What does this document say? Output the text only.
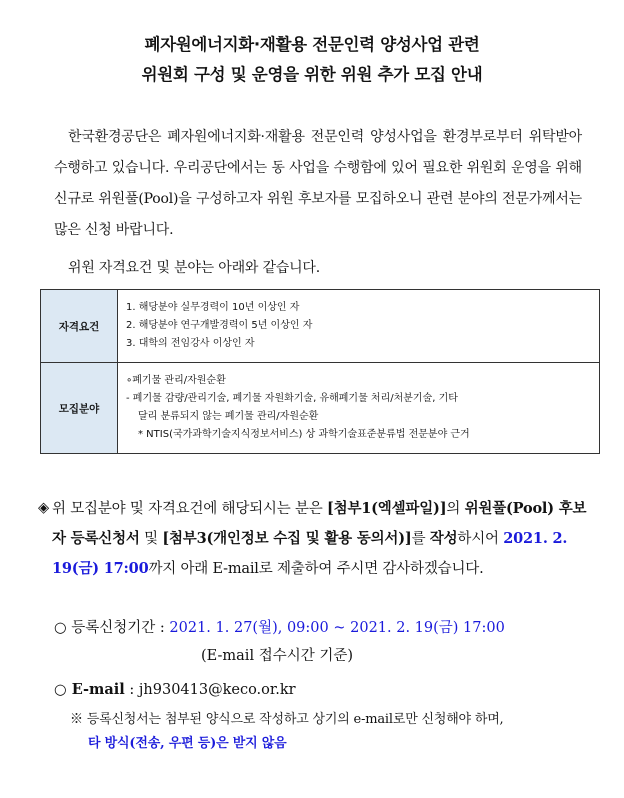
폐자원에너지화·재활용 전문인력 양성사업 관련
위원회 구성 및 운영을 위한 위원 추가 모집 안내
한국환경공단은 폐자원에너지화·재활용 전문인력 양성사업을 환경부로부터 위탁받아 수행하고 있습니다. 우리공단에서는 동 사업을 수행함에 있어 필요한 위원회 운영을 위해 신규로 위원풀(Pool)을 구성하고자 위원 후보자를 모집하오니 관련 분야의 전문가께서는 많은 신청 바랍니다.
위원 자격요건 및 분야는 아래와 같습니다.
자격요건	1. 해당분야 실무경력이 10년 이상인 자
2. 해당분야 연구개발경력이 5년 이상인 자
3. 대학의 전임강사 이상인 자

모집분야	∘폐기물 관리/자원순환
- 폐기물 감량/관리기술, 폐기물 자원화기술, 유해폐기물 처리/처분기술, 기타
달리 분류되지 않는 폐기물 관리/자원순환
* NTIS(국가과학기술지식정보서비스) 상 과학기술표준분류법 전문분야 근거
◈ 위 모집분야 및 자격요건에 해당되시는 분은 [첨부1(엑셀파일)]의 위원풀(Pool) 후보자 등록신청서 및 [첨부3(개인정보 수집 및 활용 동의서)]를 작성하시어 2021. 2. 19(금) 17:00까지 아래 E-mail로 제출하여 주시면 감사하겠습니다.
○ 등록신청기간 : 2021. 1. 27(월), 09:00 ~ 2021. 2. 19(금) 17:00
(E-mail 접수시간 기준)
○ E-mail : jh930413@keco.or.kr
※ 등록신청서는 첨부된 양식으로 작성하고 상기의 e-mail로만 신청해야 하며,
타 방식(전송, 우편 등)은 받지 않음
